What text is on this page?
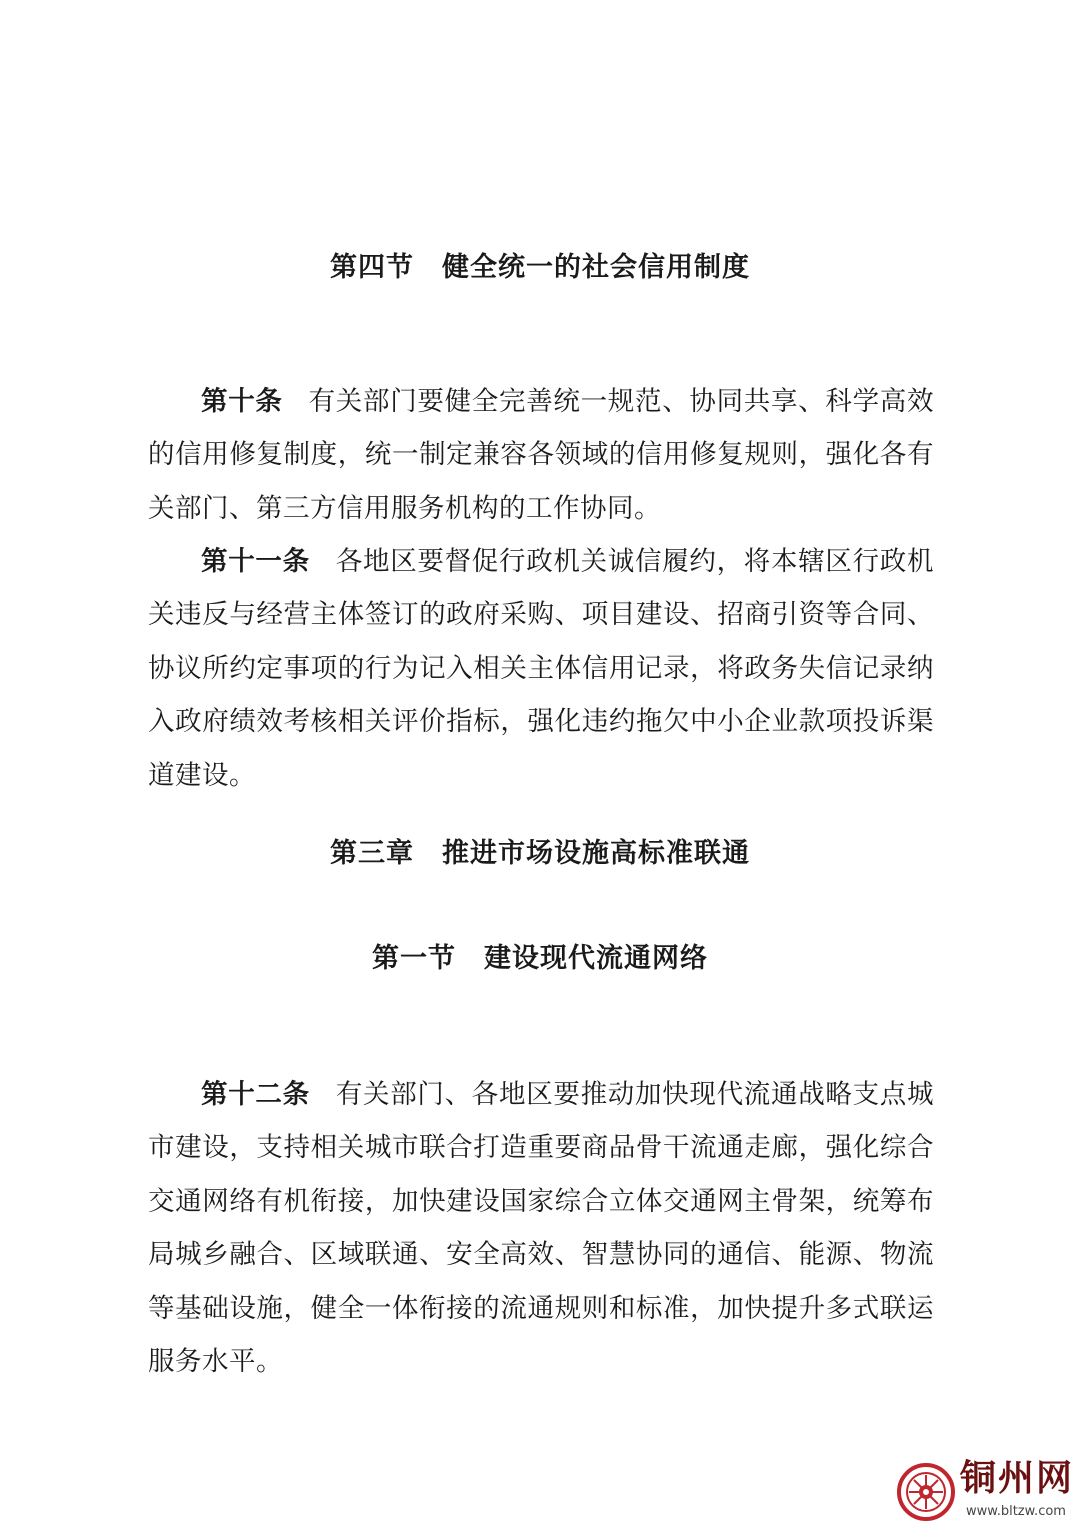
第四节　健全统一的社会信用制度

第十条 有关部门要健全完善统一规范、协同共享、科学高效的信用修复制度，统一制定兼容各领域的信用修复规则，强化各有关部门、第三方信用服务机构的工作协同。

第十一条 各地区要督促行政机关诚信履约，将本辖区行政机关违反与经营主体签订的政府采购、项目建设、招商引资等合同、协议所约定事项的行为记入相关主体信用记录，将政务失信记录纳入政府绩效考核相关评价指标，强化违约拖欠中小企业款项投诉渠道建设。

第三章　推进市场设施高标准联通
第一节　建设现代流通网络

第十二条 有关部门、各地区要推动加快现代流通战略支点城市建设，支持相关城市联合打造重要商品骨干流通走廊，强化综合交通网络有机衔接，加快建设国家综合立体交通网主骨架，统筹布局城乡融合、区域联通、安全高效、智慧协同的通信、能源、物流等基础设施，健全一体衔接的流通规则和标准，加快提升多式联运服务水平。

铜州网
www.bltzw.com
